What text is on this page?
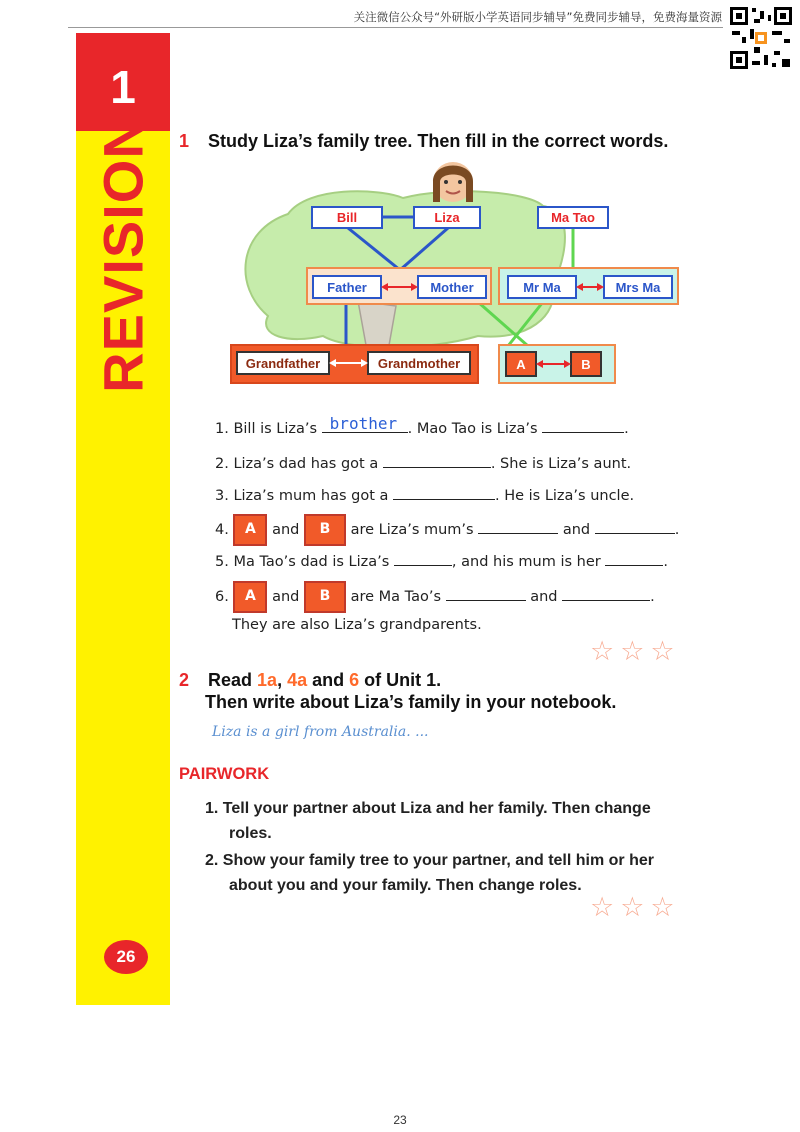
关注微信公众号“外研版小学英语同步辅导”免费同步辅导，免费海量资源
1
REVISION
26
1 Study Liza’s family tree. Then fill in the correct words.
Bill	Liza	Ma Tao
Father	Mother	Mr Ma	Mrs Ma
Grandfather	Grandmother	A	B
1. Bill is Liza’s brother . Mao Tao is Liza’s	.
2. Liza’s dad has got a	. She is Liza’s aunt.
3. Liza’s mum has got a	. He is Liza’s uncle.
4. A and B are Liza’s mum’s	and	.
5. Ma Tao’s dad is Liza’s	, and his mum is her	.
6. A and B are Ma Tao’s	and	.
They are also Liza’s grandparents.
☆☆☆
2 Read 1a, 4a and 6 of Unit 1.
Then write about Liza’s family in your notebook.
Liza is a girl from Australia. ...
PAIRWORK
1. Tell your partner about Liza and her family. Then change
roles.
2. Show your family tree to your partner, and tell him or her
about you and your family. Then change roles.
☆☆☆
23
